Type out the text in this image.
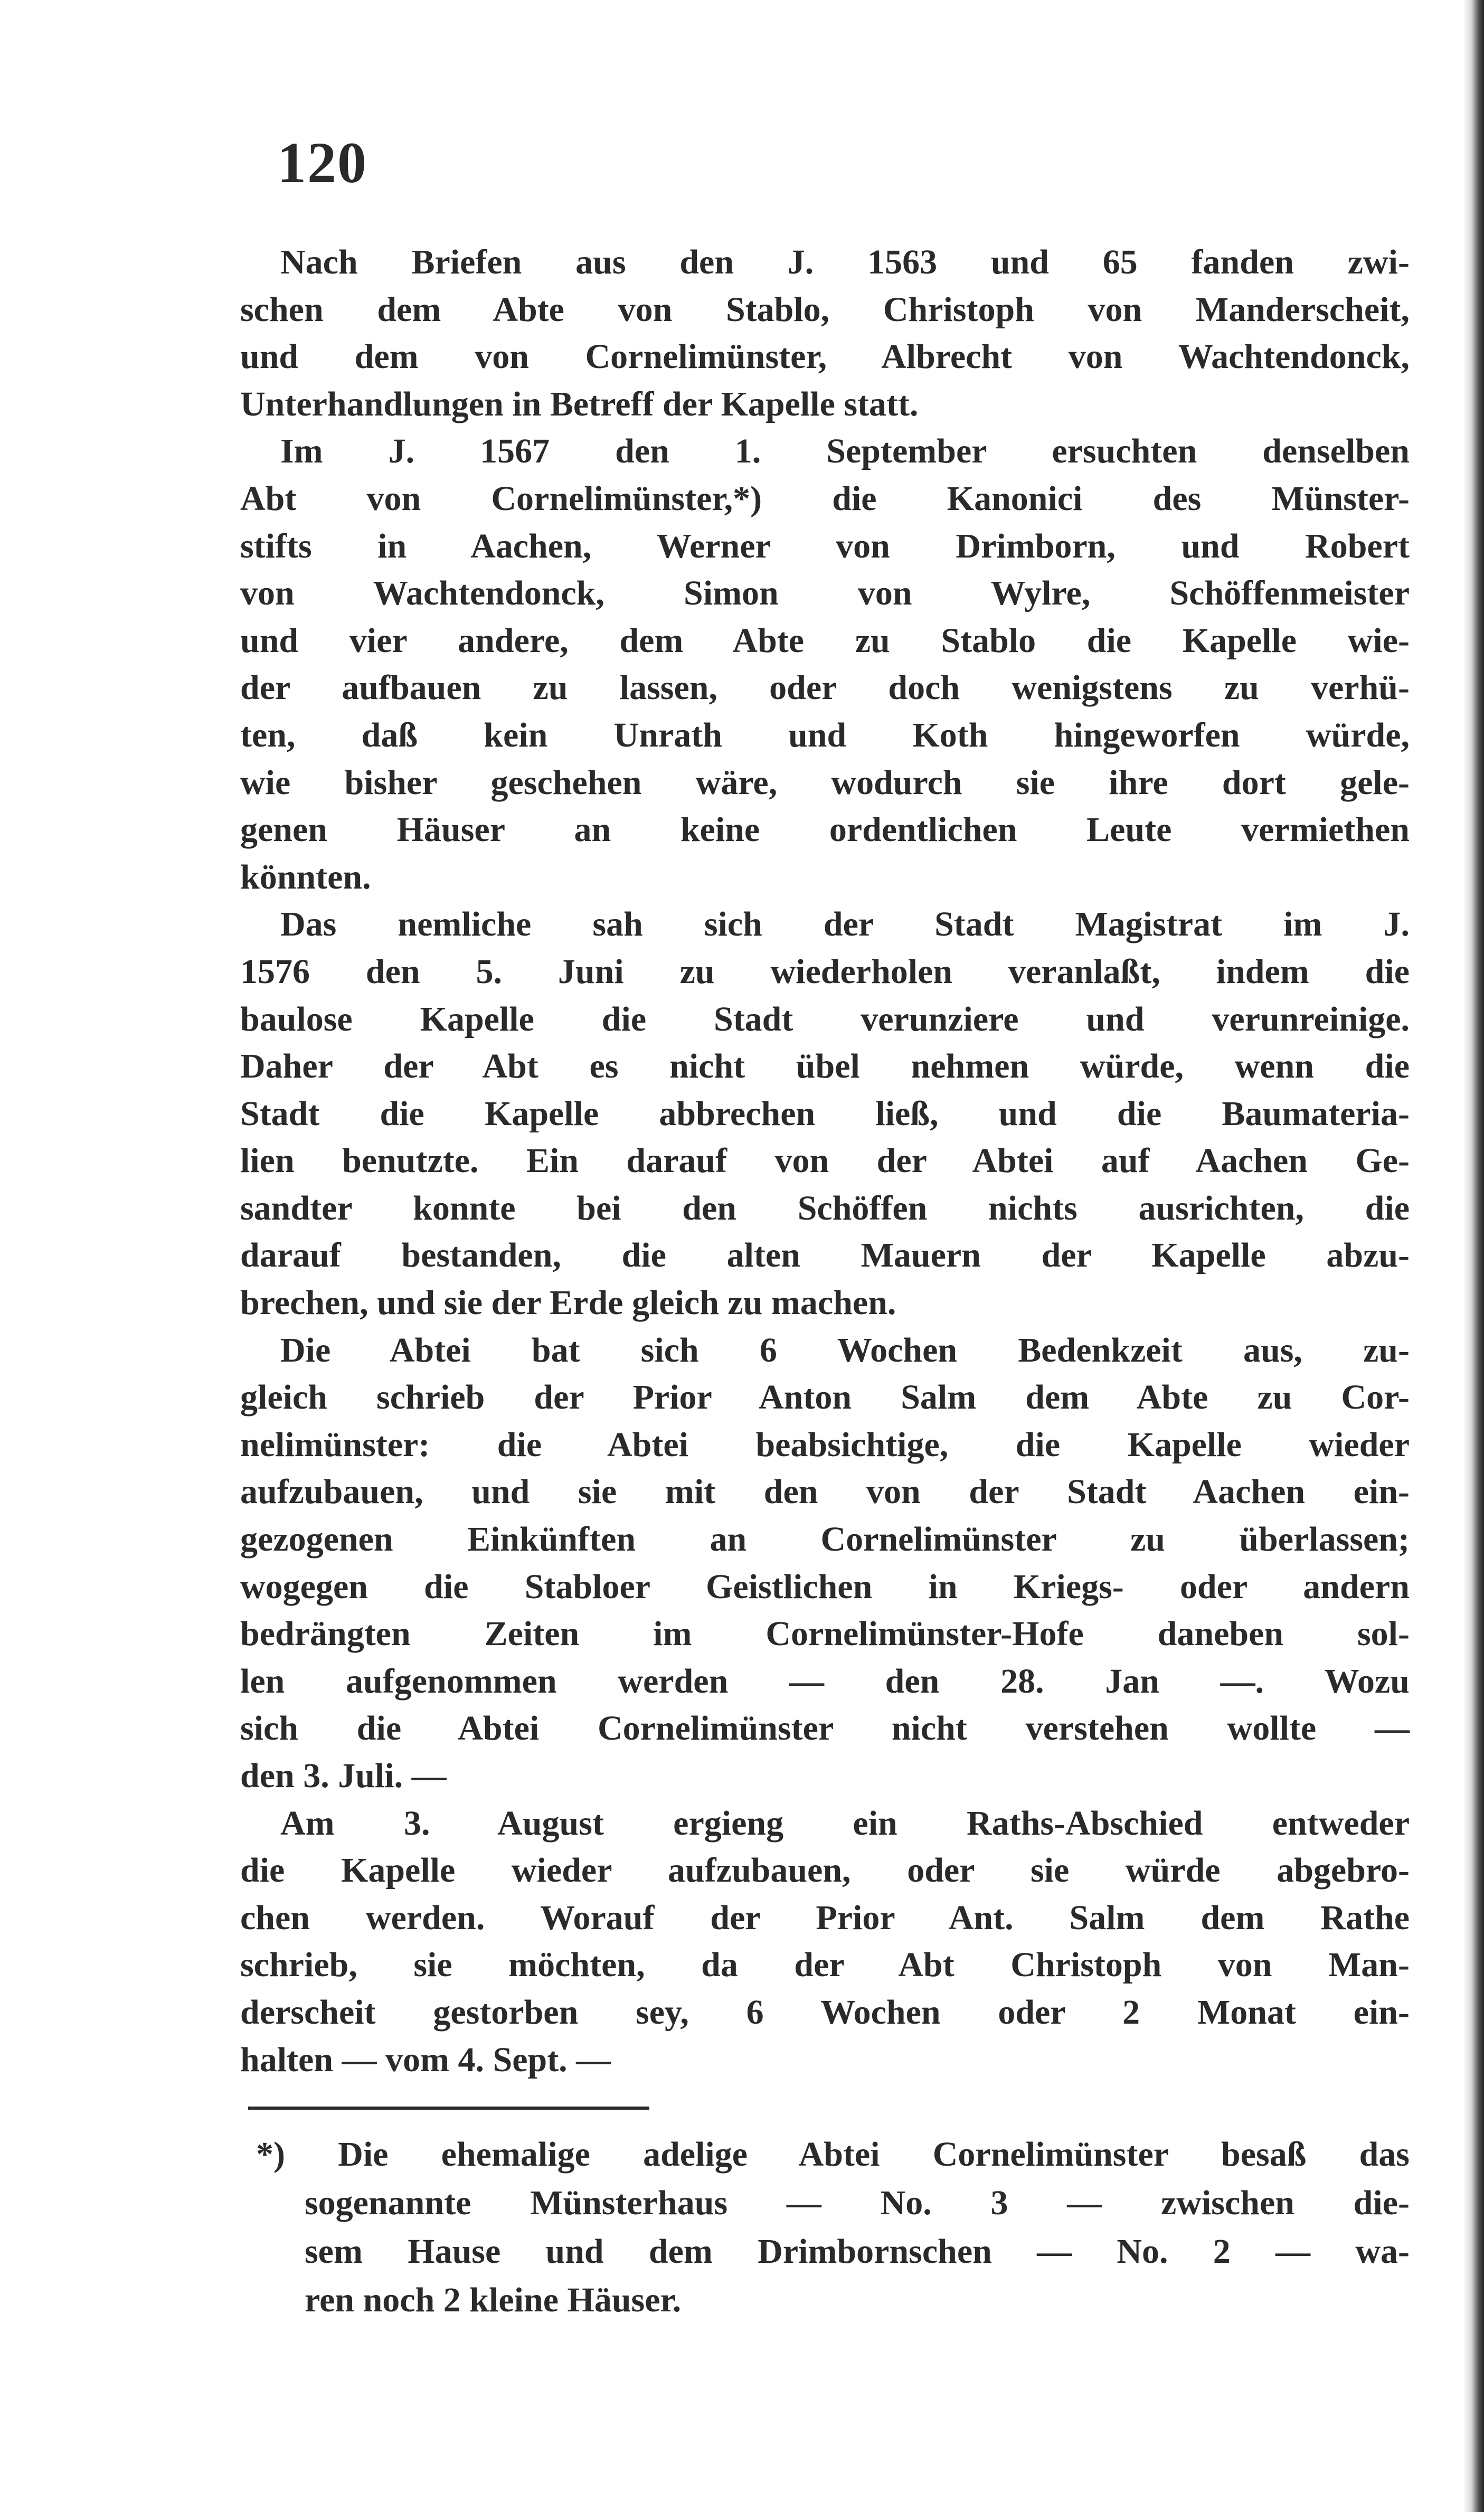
120
Nach Briefen aus den J. 1563 und 65 fanden zwi-
schen dem Abte von Stablo, Christoph von Manderscheit,
und dem von Cornelimünster, Albrecht von Wachtendonck,
Unterhandlungen in Betreff der Kapelle statt.
Im J. 1567 den 1. September ersuchten denselben
Abt von Cornelimünster,*) die Kanonici des Münster-
stifts in Aachen, Werner von Drimborn, und Robert
von Wachtendonck, Simon von Wylre, Schöffenmeister
und vier andere, dem Abte zu Stablo die Kapelle wie-
der aufbauen zu lassen, oder doch wenigstens zu verhü-
ten, daß kein Unrath und Koth hingeworfen würde,
wie bisher geschehen wäre, wodurch sie ihre dort gele-
genen Häuser an keine ordentlichen Leute vermiethen
könnten.
Das nemliche sah sich der Stadt Magistrat im J.
1576 den 5. Juni zu wiederholen veranlaßt, indem die
baulose Kapelle die Stadt verunziere und verunreinige.
Daher der Abt es nicht übel nehmen würde, wenn die
Stadt die Kapelle abbrechen ließ, und die Baumateria-
lien benutzte. Ein darauf von der Abtei auf Aachen Ge-
sandter konnte bei den Schöffen nichts ausrichten, die
darauf bestanden, die alten Mauern der Kapelle abzu-
brechen, und sie der Erde gleich zu machen.
Die Abtei bat sich 6 Wochen Bedenkzeit aus, zu-
gleich schrieb der Prior Anton Salm dem Abte zu Cor-
nelimünster: die Abtei beabsichtige, die Kapelle wieder
aufzubauen, und sie mit den von der Stadt Aachen ein-
gezogenen Einkünften an Cornelimünster zu überlassen;
wogegen die Stabloer Geistlichen in Kriegs- oder andern
bedrängten Zeiten im Cornelimünster-Hofe daneben sol-
len aufgenommen werden — den 28. Jan —. Wozu
sich die Abtei Cornelimünster nicht verstehen wollte —
den 3. Juli. —
Am 3. August ergieng ein Raths-Abschied entweder
die Kapelle wieder aufzubauen, oder sie würde abgebro-
chen werden. Worauf der Prior Ant. Salm dem Rathe
schrieb, sie möchten, da der Abt Christoph von Man-
derscheit gestorben sey, 6 Wochen oder 2 Monat ein-
halten — vom 4. Sept. —
*) Die ehemalige adelige Abtei Cornelimünster besaß das
sogenannte Münsterhaus — No. 3 — zwischen die-
sem Hause und dem Drimbornschen — No. 2 — wa-
ren noch 2 kleine Häuser.
